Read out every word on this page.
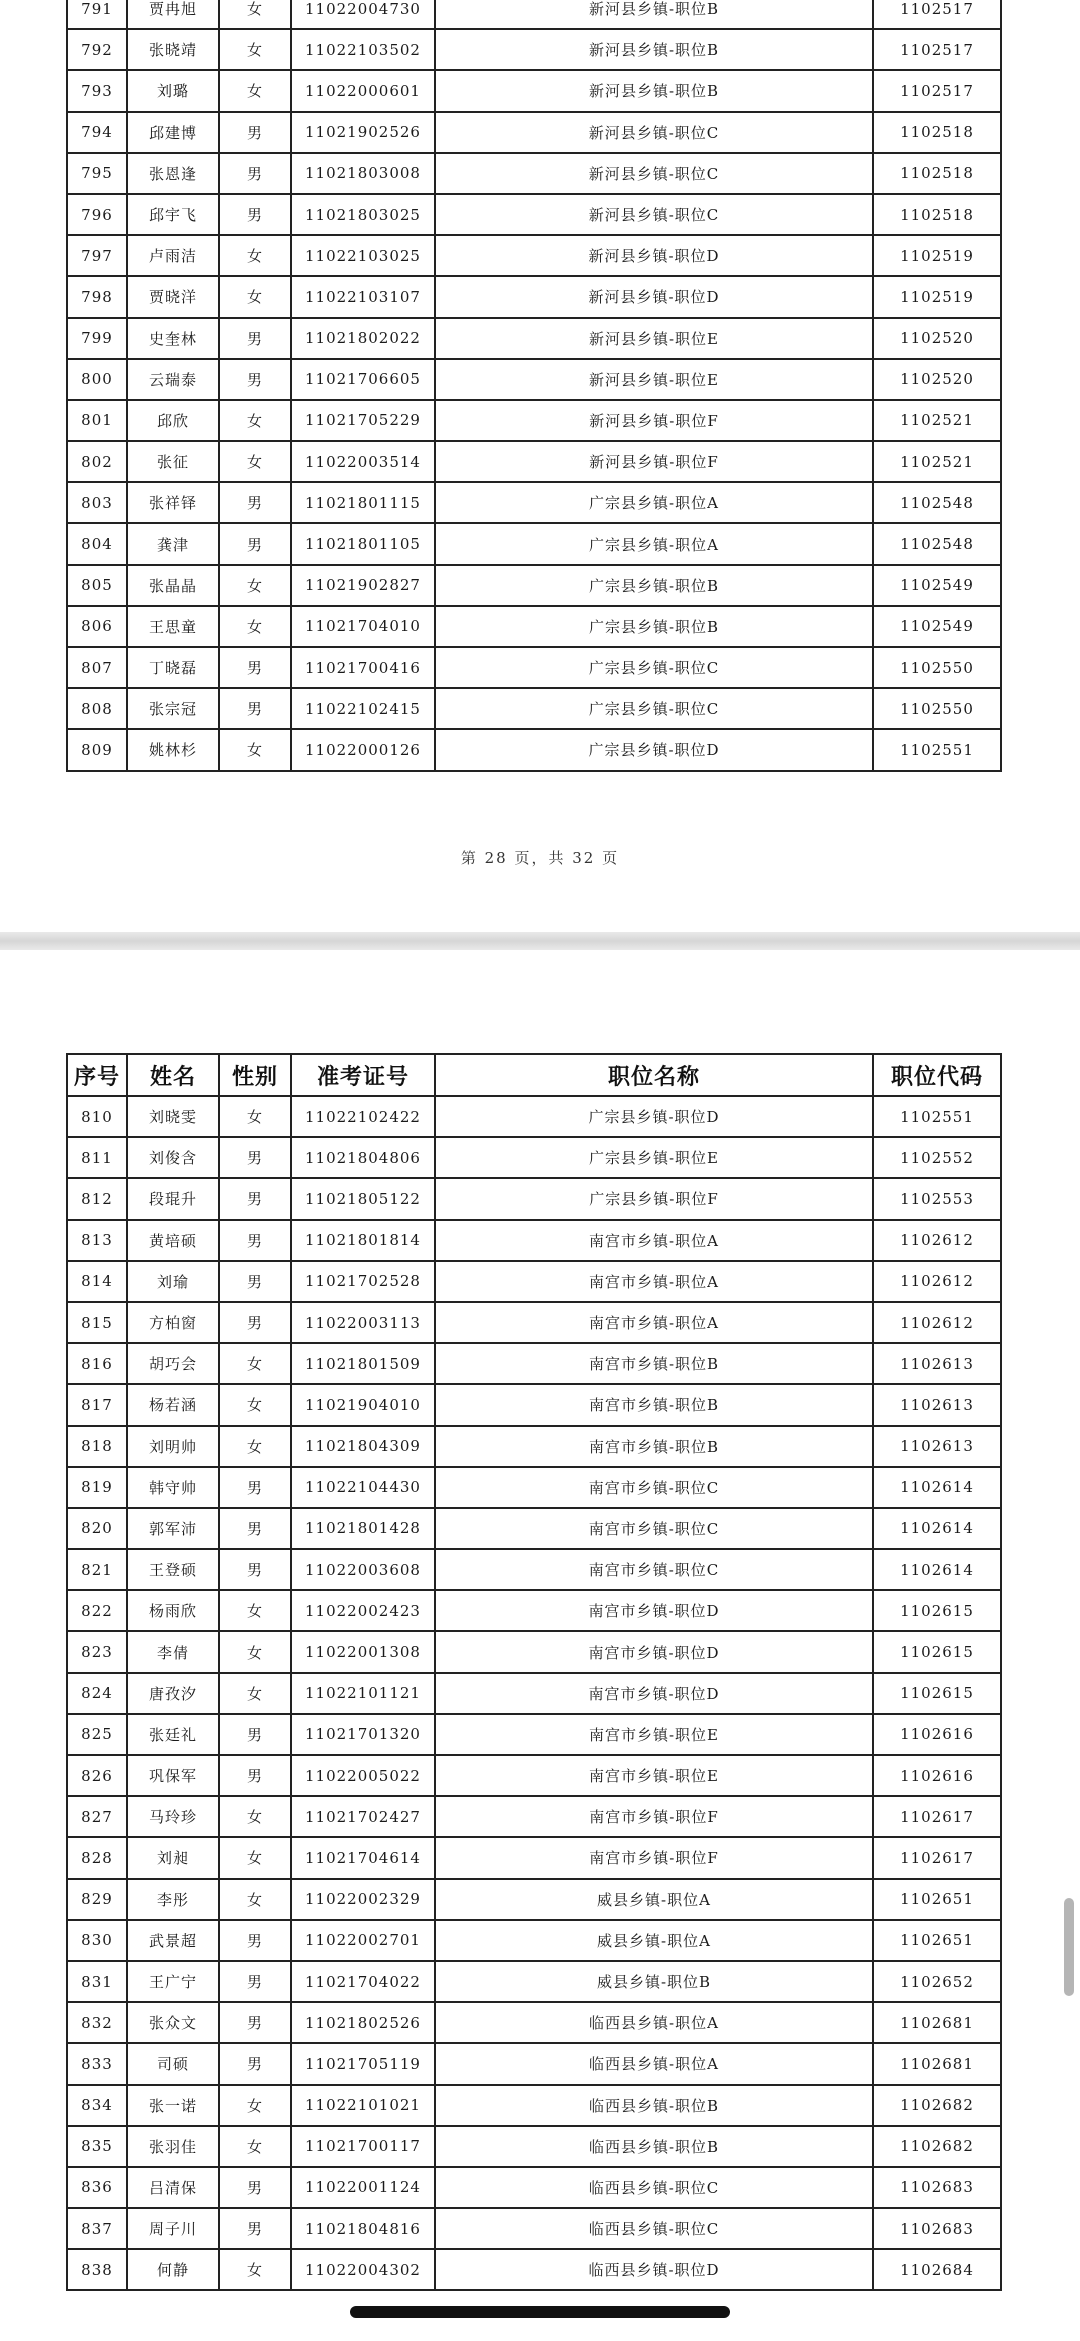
791	贾冉旭	女	11022004730	新河县乡镇-职位B	1102517
792	张晓靖	女	11022103502	新河县乡镇-职位B	1102517
793	刘璐	女	11022000601	新河县乡镇-职位B	1102517
794	邱建博	男	11021902526	新河县乡镇-职位C	1102518
795	张恩逢	男	11021803008	新河县乡镇-职位C	1102518
796	邱宇飞	男	11021803025	新河县乡镇-职位C	1102518
797	卢雨洁	女	11022103025	新河县乡镇-职位D	1102519
798	贾晓洋	女	11022103107	新河县乡镇-职位D	1102519
799	史奎林	男	11021802022	新河县乡镇-职位E	1102520
800	云瑞泰	男	11021706605	新河县乡镇-职位E	1102520
801	邱欣	女	11021705229	新河县乡镇-职位F	1102521
802	张征	女	11022003514	新河县乡镇-职位F	1102521
803	张祥铎	男	11021801115	广宗县乡镇-职位A	1102548
804	龚津	男	11021801105	广宗县乡镇-职位A	1102548
805	张晶晶	女	11021902827	广宗县乡镇-职位B	1102549
806	王思童	女	11021704010	广宗县乡镇-职位B	1102549
807	丁晓磊	男	11021700416	广宗县乡镇-职位C	1102550
808	张宗冠	男	11022102415	广宗县乡镇-职位C	1102550
809	姚林杉	女	11022000126	广宗县乡镇-职位D	1102551
第 28 页，共 32 页
序号	姓名	性别	准考证号	职位名称	职位代码
810	刘晓雯	女	11022102422	广宗县乡镇-职位D	1102551
811	刘俊含	男	11021804806	广宗县乡镇-职位E	1102552
812	段琨升	男	11021805122	广宗县乡镇-职位F	1102553
813	黄培硕	男	11021801814	南宫市乡镇-职位A	1102612
814	刘瑜	男	11021702528	南宫市乡镇-职位A	1102612
815	方柏窗	男	11022003113	南宫市乡镇-职位A	1102612
816	胡巧会	女	11021801509	南宫市乡镇-职位B	1102613
817	杨若涵	女	11021904010	南宫市乡镇-职位B	1102613
818	刘明帅	女	11021804309	南宫市乡镇-职位B	1102613
819	韩守帅	男	11022104430	南宫市乡镇-职位C	1102614
820	郭军沛	男	11021801428	南宫市乡镇-职位C	1102614
821	王登硕	男	11022003608	南宫市乡镇-职位C	1102614
822	杨雨欣	女	11022002423	南宫市乡镇-职位D	1102615
823	李倩	女	11022001308	南宫市乡镇-职位D	1102615
824	唐孜汐	女	11022101121	南宫市乡镇-职位D	1102615
825	张廷礼	男	11021701320	南宫市乡镇-职位E	1102616
826	巩保军	男	11022005022	南宫市乡镇-职位E	1102616
827	马玲珍	女	11021702427	南宫市乡镇-职位F	1102617
828	刘昶	女	11021704614	南宫市乡镇-职位F	1102617
829	李彤	女	11022002329	威县乡镇-职位A	1102651
830	武景超	男	11022002701	威县乡镇-职位A	1102651
831	王广宁	男	11021704022	威县乡镇-职位B	1102652
832	张众文	男	11021802526	临西县乡镇-职位A	1102681
833	司硕	男	11021705119	临西县乡镇-职位A	1102681
834	张一诺	女	11022101021	临西县乡镇-职位B	1102682
835	张羽佳	女	11021700117	临西县乡镇-职位B	1102682
836	吕清保	男	11022001124	临西县乡镇-职位C	1102683
837	周子川	男	11021804816	临西县乡镇-职位C	1102683
838	何静	女	11022004302	临西县乡镇-职位D	1102684
